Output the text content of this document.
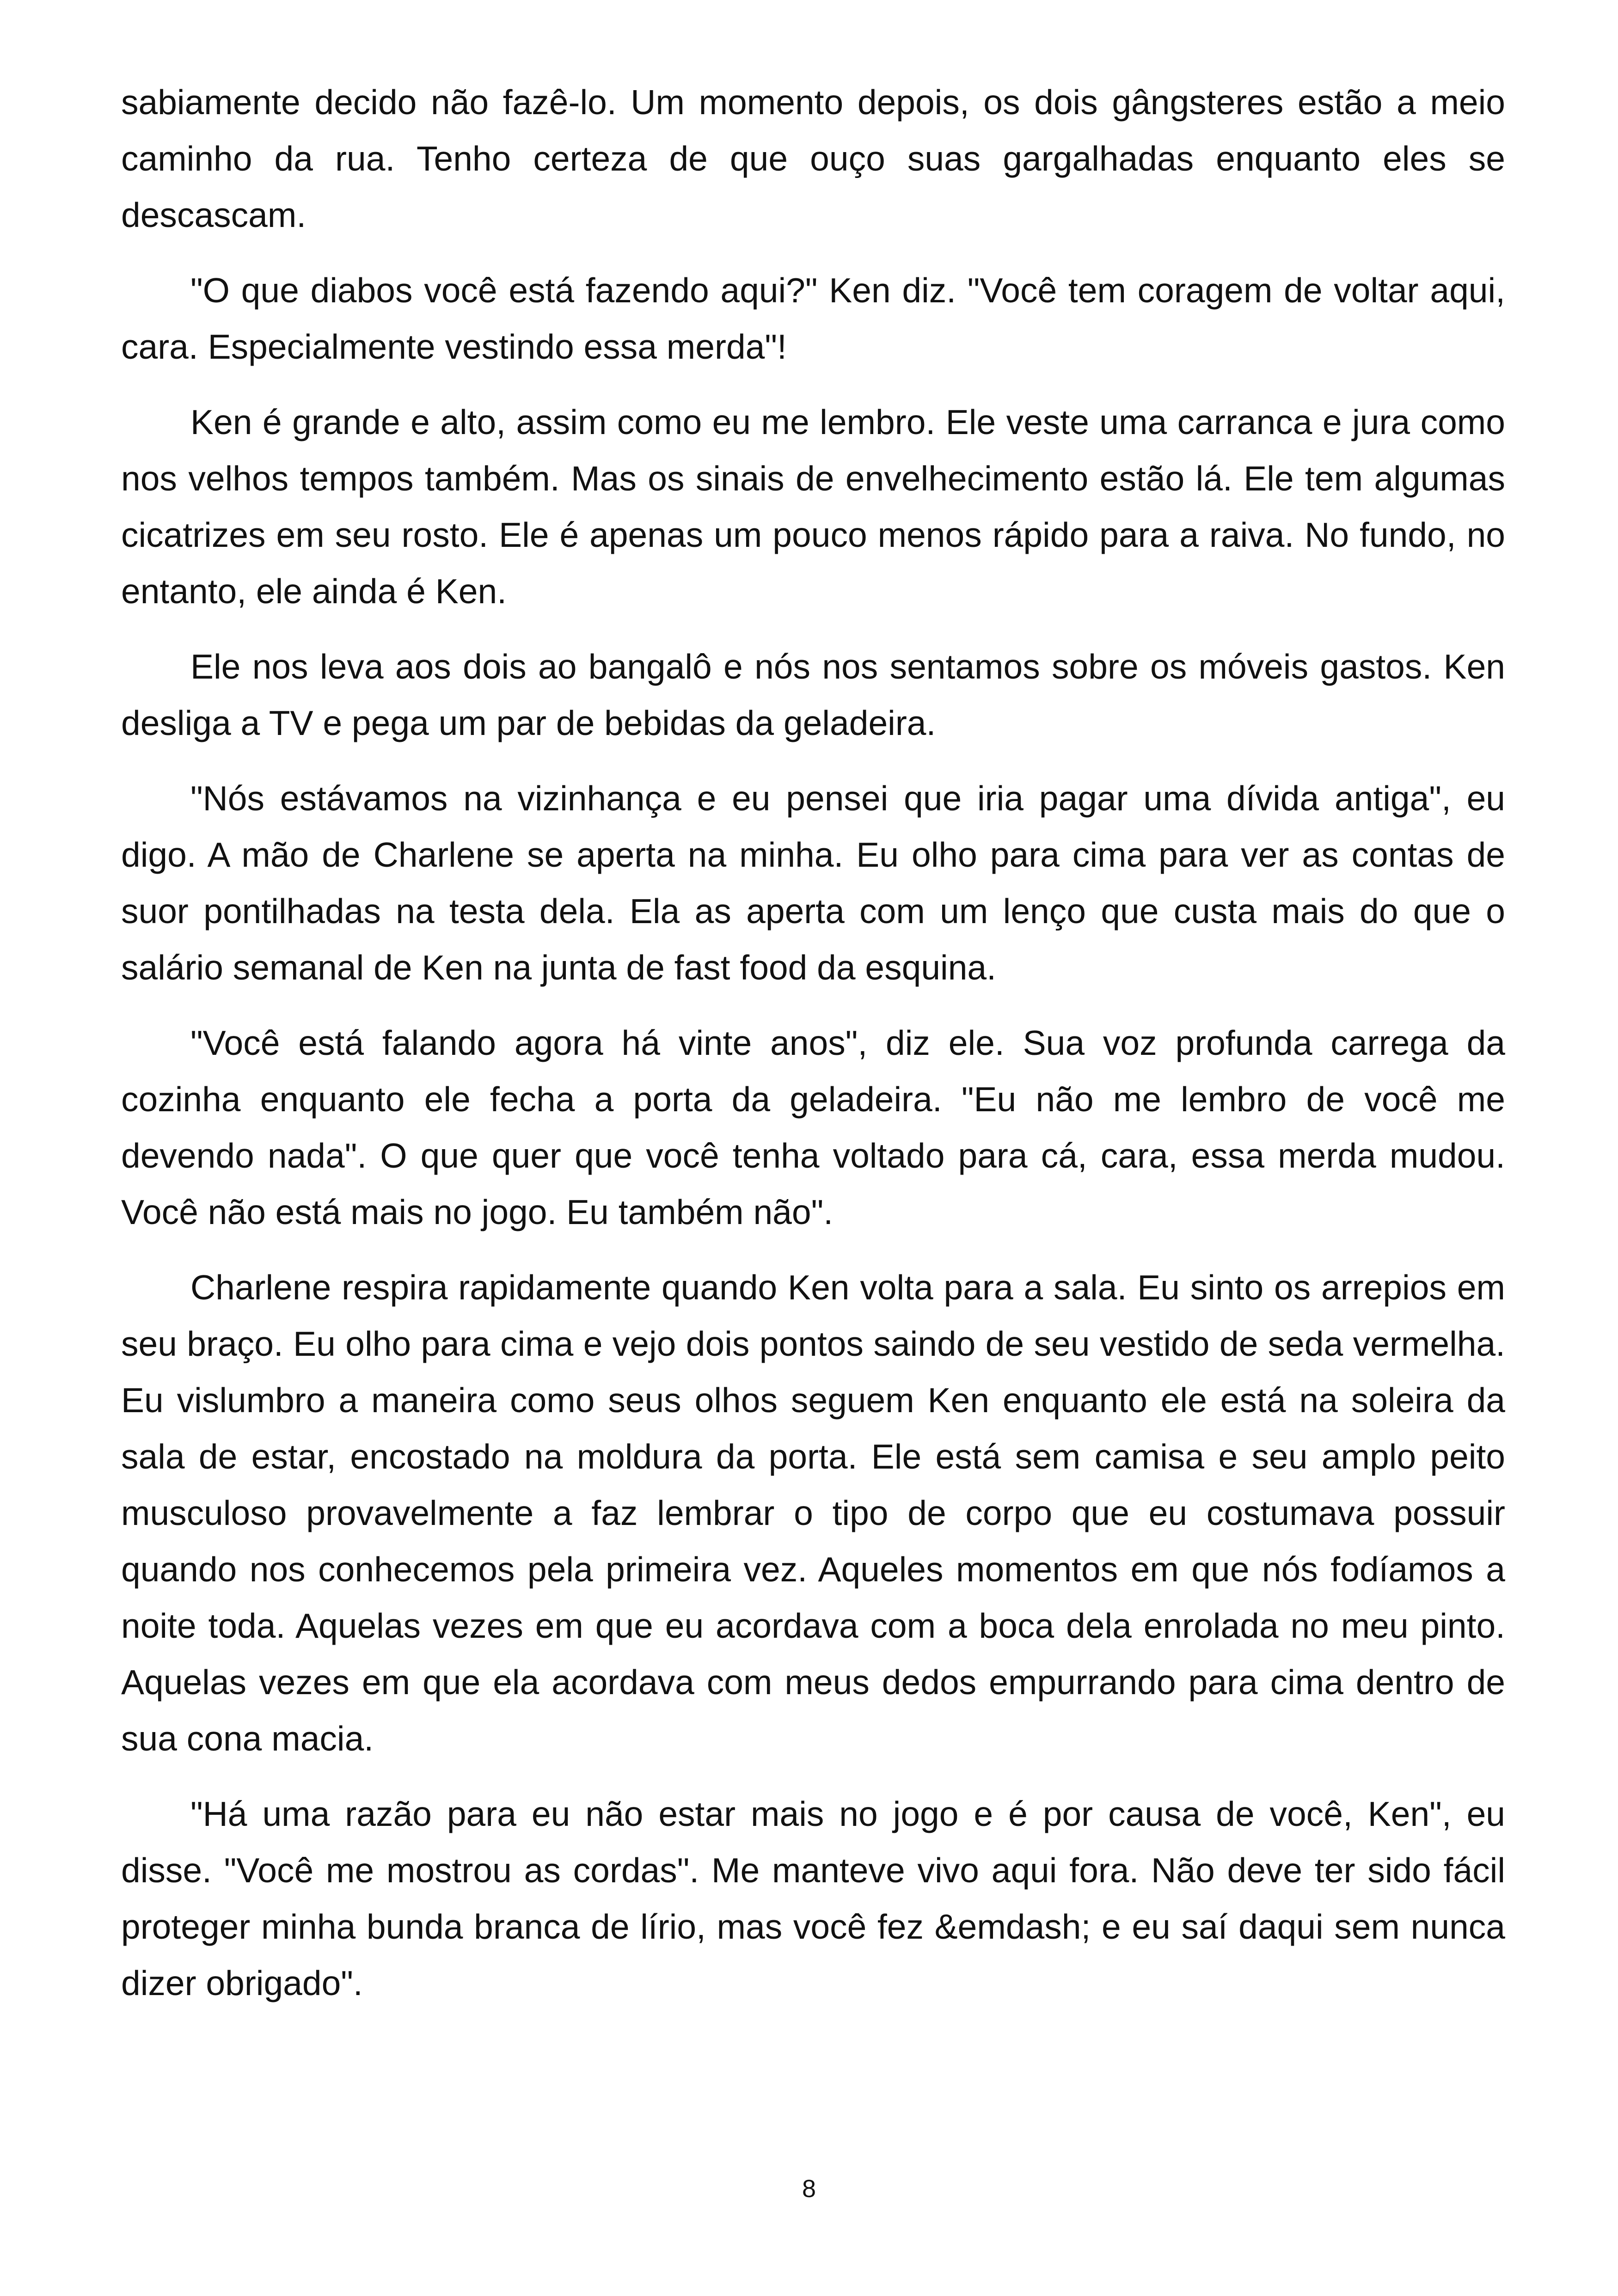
sabiamente decido não fazê-lo. Um momento depois, os dois gângsteres estão a meio caminho da rua. Tenho certeza de que ouço suas gargalhadas enquanto eles se descascam.

"O que diabos você está fazendo aqui?" Ken diz. "Você tem coragem de voltar aqui, cara. Especialmente vestindo essa merda"!

Ken é grande e alto, assim como eu me lembro. Ele veste uma carranca e jura como nos velhos tempos também. Mas os sinais de envelhecimento estão lá. Ele tem algumas cicatrizes em seu rosto. Ele é apenas um pouco menos rápido para a raiva. No fundo, no entanto, ele ainda é Ken.

Ele nos leva aos dois ao bangalô e nós nos sentamos sobre os móveis gastos. Ken desliga a TV e pega um par de bebidas da geladeira.

"Nós estávamos na vizinhança e eu pensei que iria pagar uma dívida antiga", eu digo. A mão de Charlene se aperta na minha. Eu olho para cima para ver as contas de suor pontilhadas na testa dela. Ela as aperta com um lenço que custa mais do que o salário semanal de Ken na junta de fast food da esquina.

"Você está falando agora há vinte anos", diz ele. Sua voz profunda carrega da cozinha enquanto ele fecha a porta da geladeira. "Eu não me lembro de você me devendo nada". O que quer que você tenha voltado para cá, cara, essa merda mudou. Você não está mais no jogo. Eu também não".

Charlene respira rapidamente quando Ken volta para a sala. Eu sinto os arrepios em seu braço. Eu olho para cima e vejo dois pontos saindo de seu vestido de seda vermelha. Eu vislumbro a maneira como seus olhos seguem Ken enquanto ele está na soleira da sala de estar, encostado na moldura da porta. Ele está sem camisa e seu amplo peito musculoso provavelmente a faz lembrar o tipo de corpo que eu costumava possuir quando nos conhecemos pela primeira vez. Aqueles momentos em que nós fodíamos a noite toda. Aquelas vezes em que eu acordava com a boca dela enrolada no meu pinto. Aquelas vezes em que ela acordava com meus dedos empurrando para cima dentro de sua cona macia.

"Há uma razão para eu não estar mais no jogo e é por causa de você, Ken", eu disse. "Você me mostrou as cordas". Me manteve vivo aqui fora. Não deve ter sido fácil proteger minha bunda branca de lírio, mas você fez &emdash; e eu saí daqui sem nunca dizer obrigado".

8
